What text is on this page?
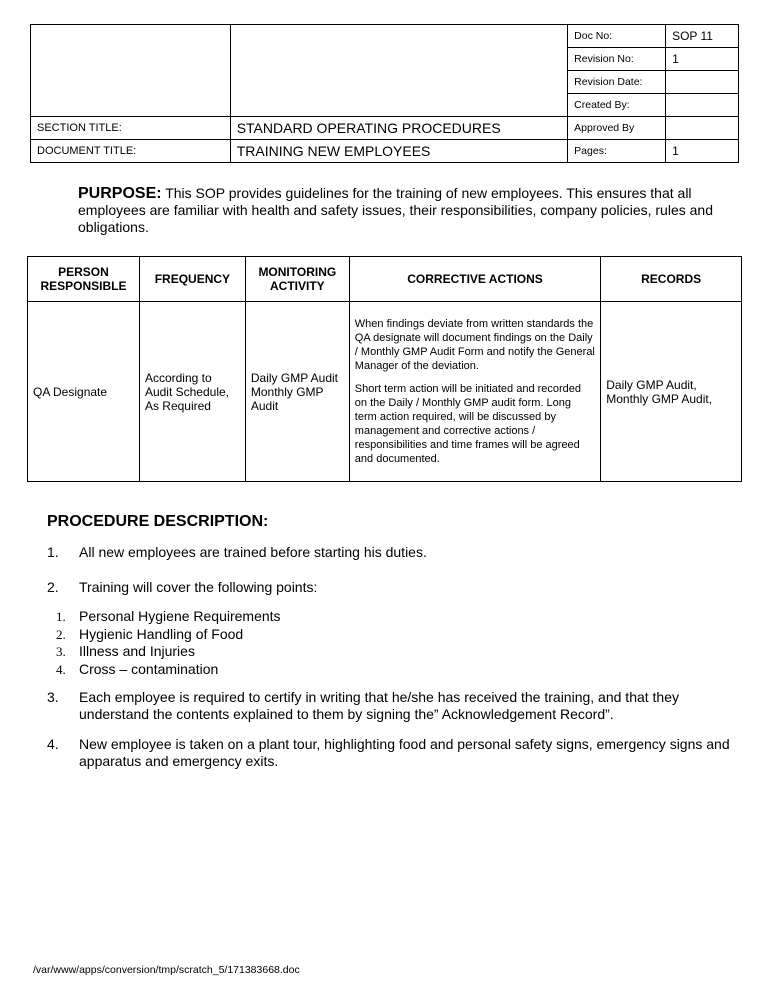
		Doc No:	SOP 11
		Revision No:	1
		Revision Date:	
		Created By:	
SECTION TITLE:	STANDARD OPERATING PROCEDURES	Approved By	
DOCUMENT TITLE:	TRAINING NEW EMPLOYEES	Pages:	1
PURPOSE: This SOP provides guidelines for the training of new employees. This ensures that all employees are familiar with health and safety issues, their responsibilities, company policies, rules and obligations.
PERSON RESPONSIBLE	FREQUENCY	MONITORING ACTIVITY	CORRECTIVE ACTIONS	RECORDS
QA Designate	According to Audit Schedule, As Required	Daily GMP Audit Monthly GMP Audit	When findings deviate from written standards the QA designate will document findings on the Daily / Monthly GMP Audit Form and notify the General Manager of the deviation.

Short term action will be initiated and recorded on the Daily / Monthly GMP audit form. Long term action required, will be discussed by management and corrective actions / responsibilities and time frames will be agreed and documented.	Daily GMP Audit, Monthly GMP Audit,
PROCEDURE DESCRIPTION:
1. All new employees are trained before starting his duties.
2. Training will cover the following points:
1. Personal Hygiene Requirements
2. Hygienic Handling of Food
3. Illness and Injuries
4. Cross – contamination
3. Each employee is required to certify in writing that he/she has received the training, and that they understand the contents explained to them by signing the” Acknowledgement Record”.
4. New employee is taken on a plant tour, highlighting food and personal safety signs, emergency signs and apparatus and emergency exits.
/var/www/apps/conversion/tmp/scratch_5/171383668.doc
